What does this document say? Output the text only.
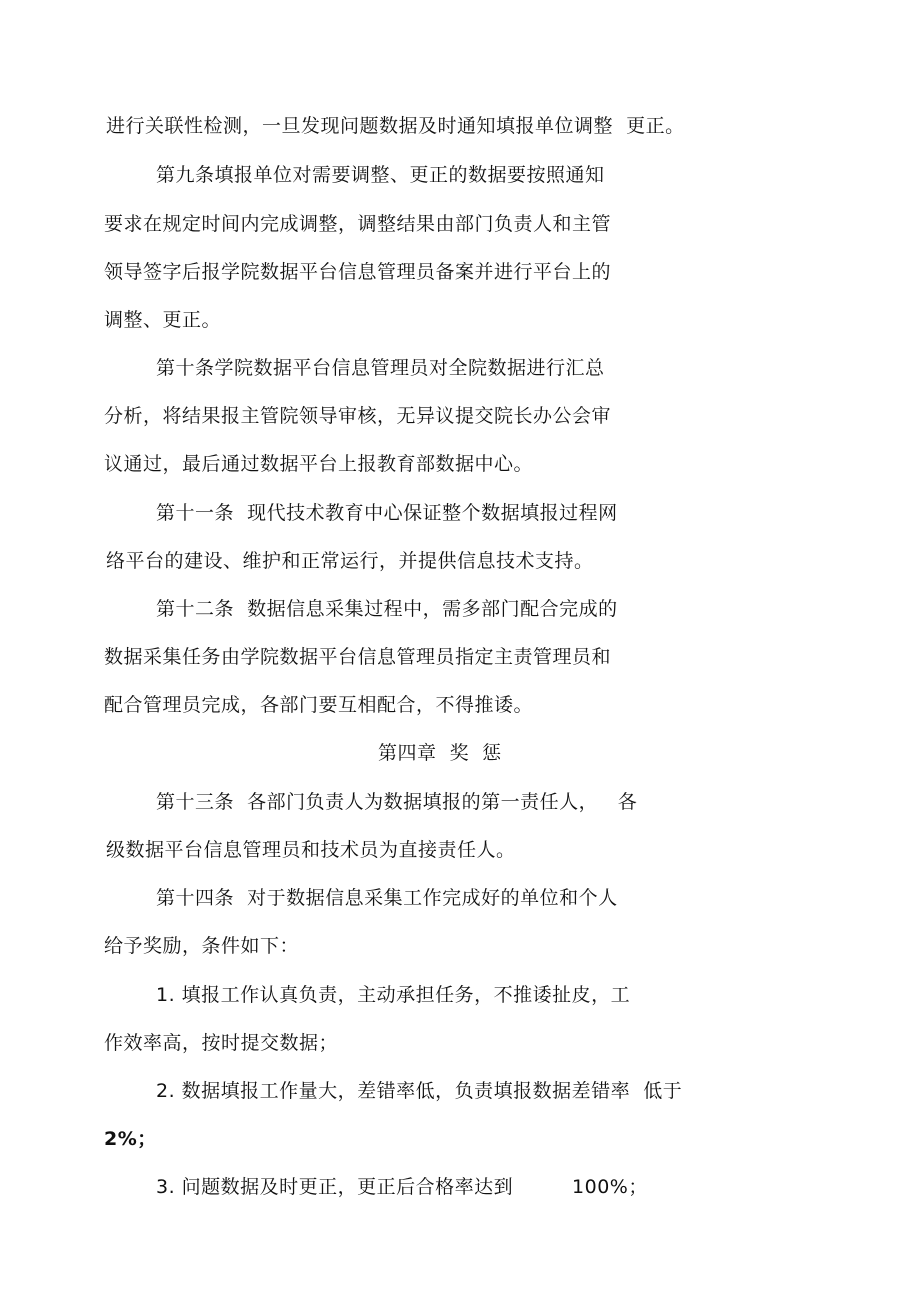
进行关联性检测，一旦发现问题数据及时通知填报单位调整  更正。
第九条填报单位对需要调整、更正的数据要按照通知
要求在规定时间内完成调整，调整结果由部门负责人和主管
领导签字后报学院数据平台信息管理员备案并进行平台上的
调整、更正。
第十条学院数据平台信息管理员对全院数据进行汇总
分析，将结果报主管院领导审核，无异议提交院长办公会审
议通过，最后通过数据平台上报教育部数据中心。
第十一条  现代技术教育中心保证整个数据填报过程网
络平台的建设、维护和正常运行，并提供信息技术支持。
第十二条  数据信息采集过程中，需多部门配合完成的
数据采集任务由学院数据平台信息管理员指定主责管理员和
配合管理员完成，各部门要互相配合，不得推诿。
第四章  奖  惩
第十三条  各部门负责人为数据填报的第一责任人，   各
级数据平台信息管理员和技术员为直接责任人。
第十四条  对于数据信息采集工作完成好的单位和个人
给予奖励，条件如下：
1. 填报工作认真负责，主动承担任务，不推诿扯皮，工
作效率高，按时提交数据；
2. 数据填报工作量大，差错率低，负责填报数据差错率  低于
2%；
3. 问题数据及时更正，更正后合格率达到         100%；
